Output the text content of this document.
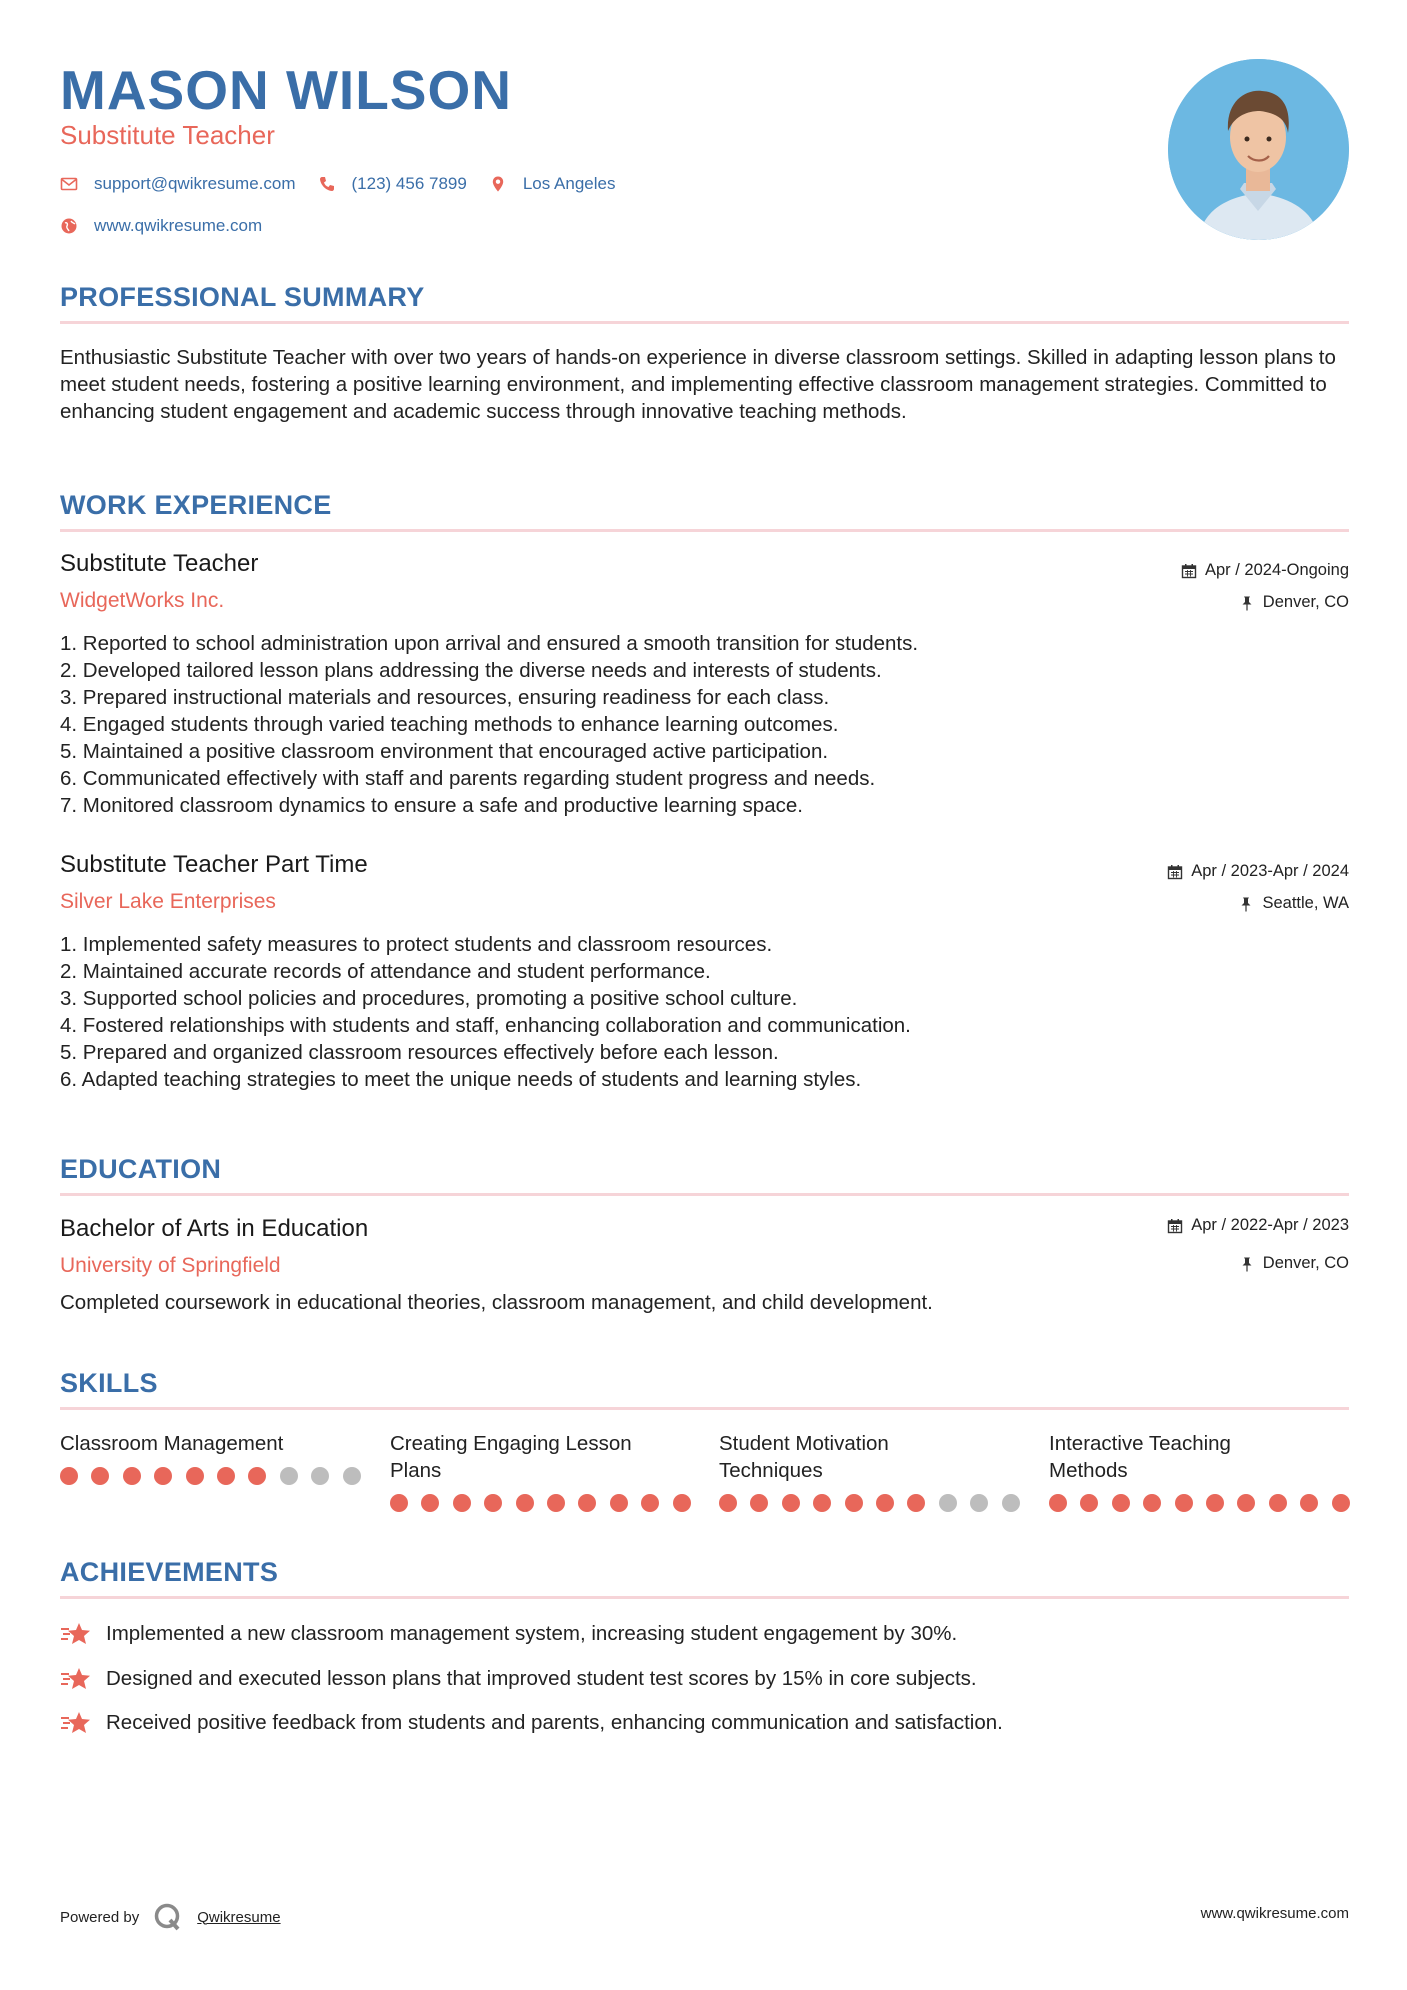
MASON WILSON
Substitute Teacher
support@qwikresume.com	(123) 456 7899	Los Angeles
www.qwikresume.com
PROFESSIONAL SUMMARY
Enthusiastic Substitute Teacher with over two years of hands-on experience in diverse classroom settings. Skilled in adapting lesson plans to meet student needs, fostering a positive learning environment, and implementing effective classroom management strategies. Committed to enhancing student engagement and academic success through innovative teaching methods.
WORK EXPERIENCE
Substitute Teacher
WidgetWorks Inc.
Apr / 2024-Ongoing
Denver, CO
1. Reported to school administration upon arrival and ensured a smooth transition for students.
2. Developed tailored lesson plans addressing the diverse needs and interests of students.
3. Prepared instructional materials and resources, ensuring readiness for each class.
4. Engaged students through varied teaching methods to enhance learning outcomes.
5. Maintained a positive classroom environment that encouraged active participation.
6. Communicated effectively with staff and parents regarding student progress and needs.
7. Monitored classroom dynamics to ensure a safe and productive learning space.
Substitute Teacher Part Time
Silver Lake Enterprises
Apr / 2023-Apr / 2024
Seattle, WA
1. Implemented safety measures to protect students and classroom resources.
2. Maintained accurate records of attendance and student performance.
3. Supported school policies and procedures, promoting a positive school culture.
4. Fostered relationships with students and staff, enhancing collaboration and communication.
5. Prepared and organized classroom resources effectively before each lesson.
6. Adapted teaching strategies to meet the unique needs of students and learning styles.
EDUCATION
Bachelor of Arts in Education
University of Springfield
Apr / 2022-Apr / 2023
Denver, CO
Completed coursework in educational theories, classroom management, and child development.
SKILLS
Classroom Management	Creating Engaging Lesson Plans
Student Motivation Techniques
Interactive Teaching Methods
ACHIEVEMENTS
Implemented a new classroom management system, increasing student engagement by 30%.
Designed and executed lesson plans that improved student test scores by 15% in core subjects.
Received positive feedback from students and parents, enhancing communication and satisfaction.
Powered by	Qwikresume	www.qwikresume.com
